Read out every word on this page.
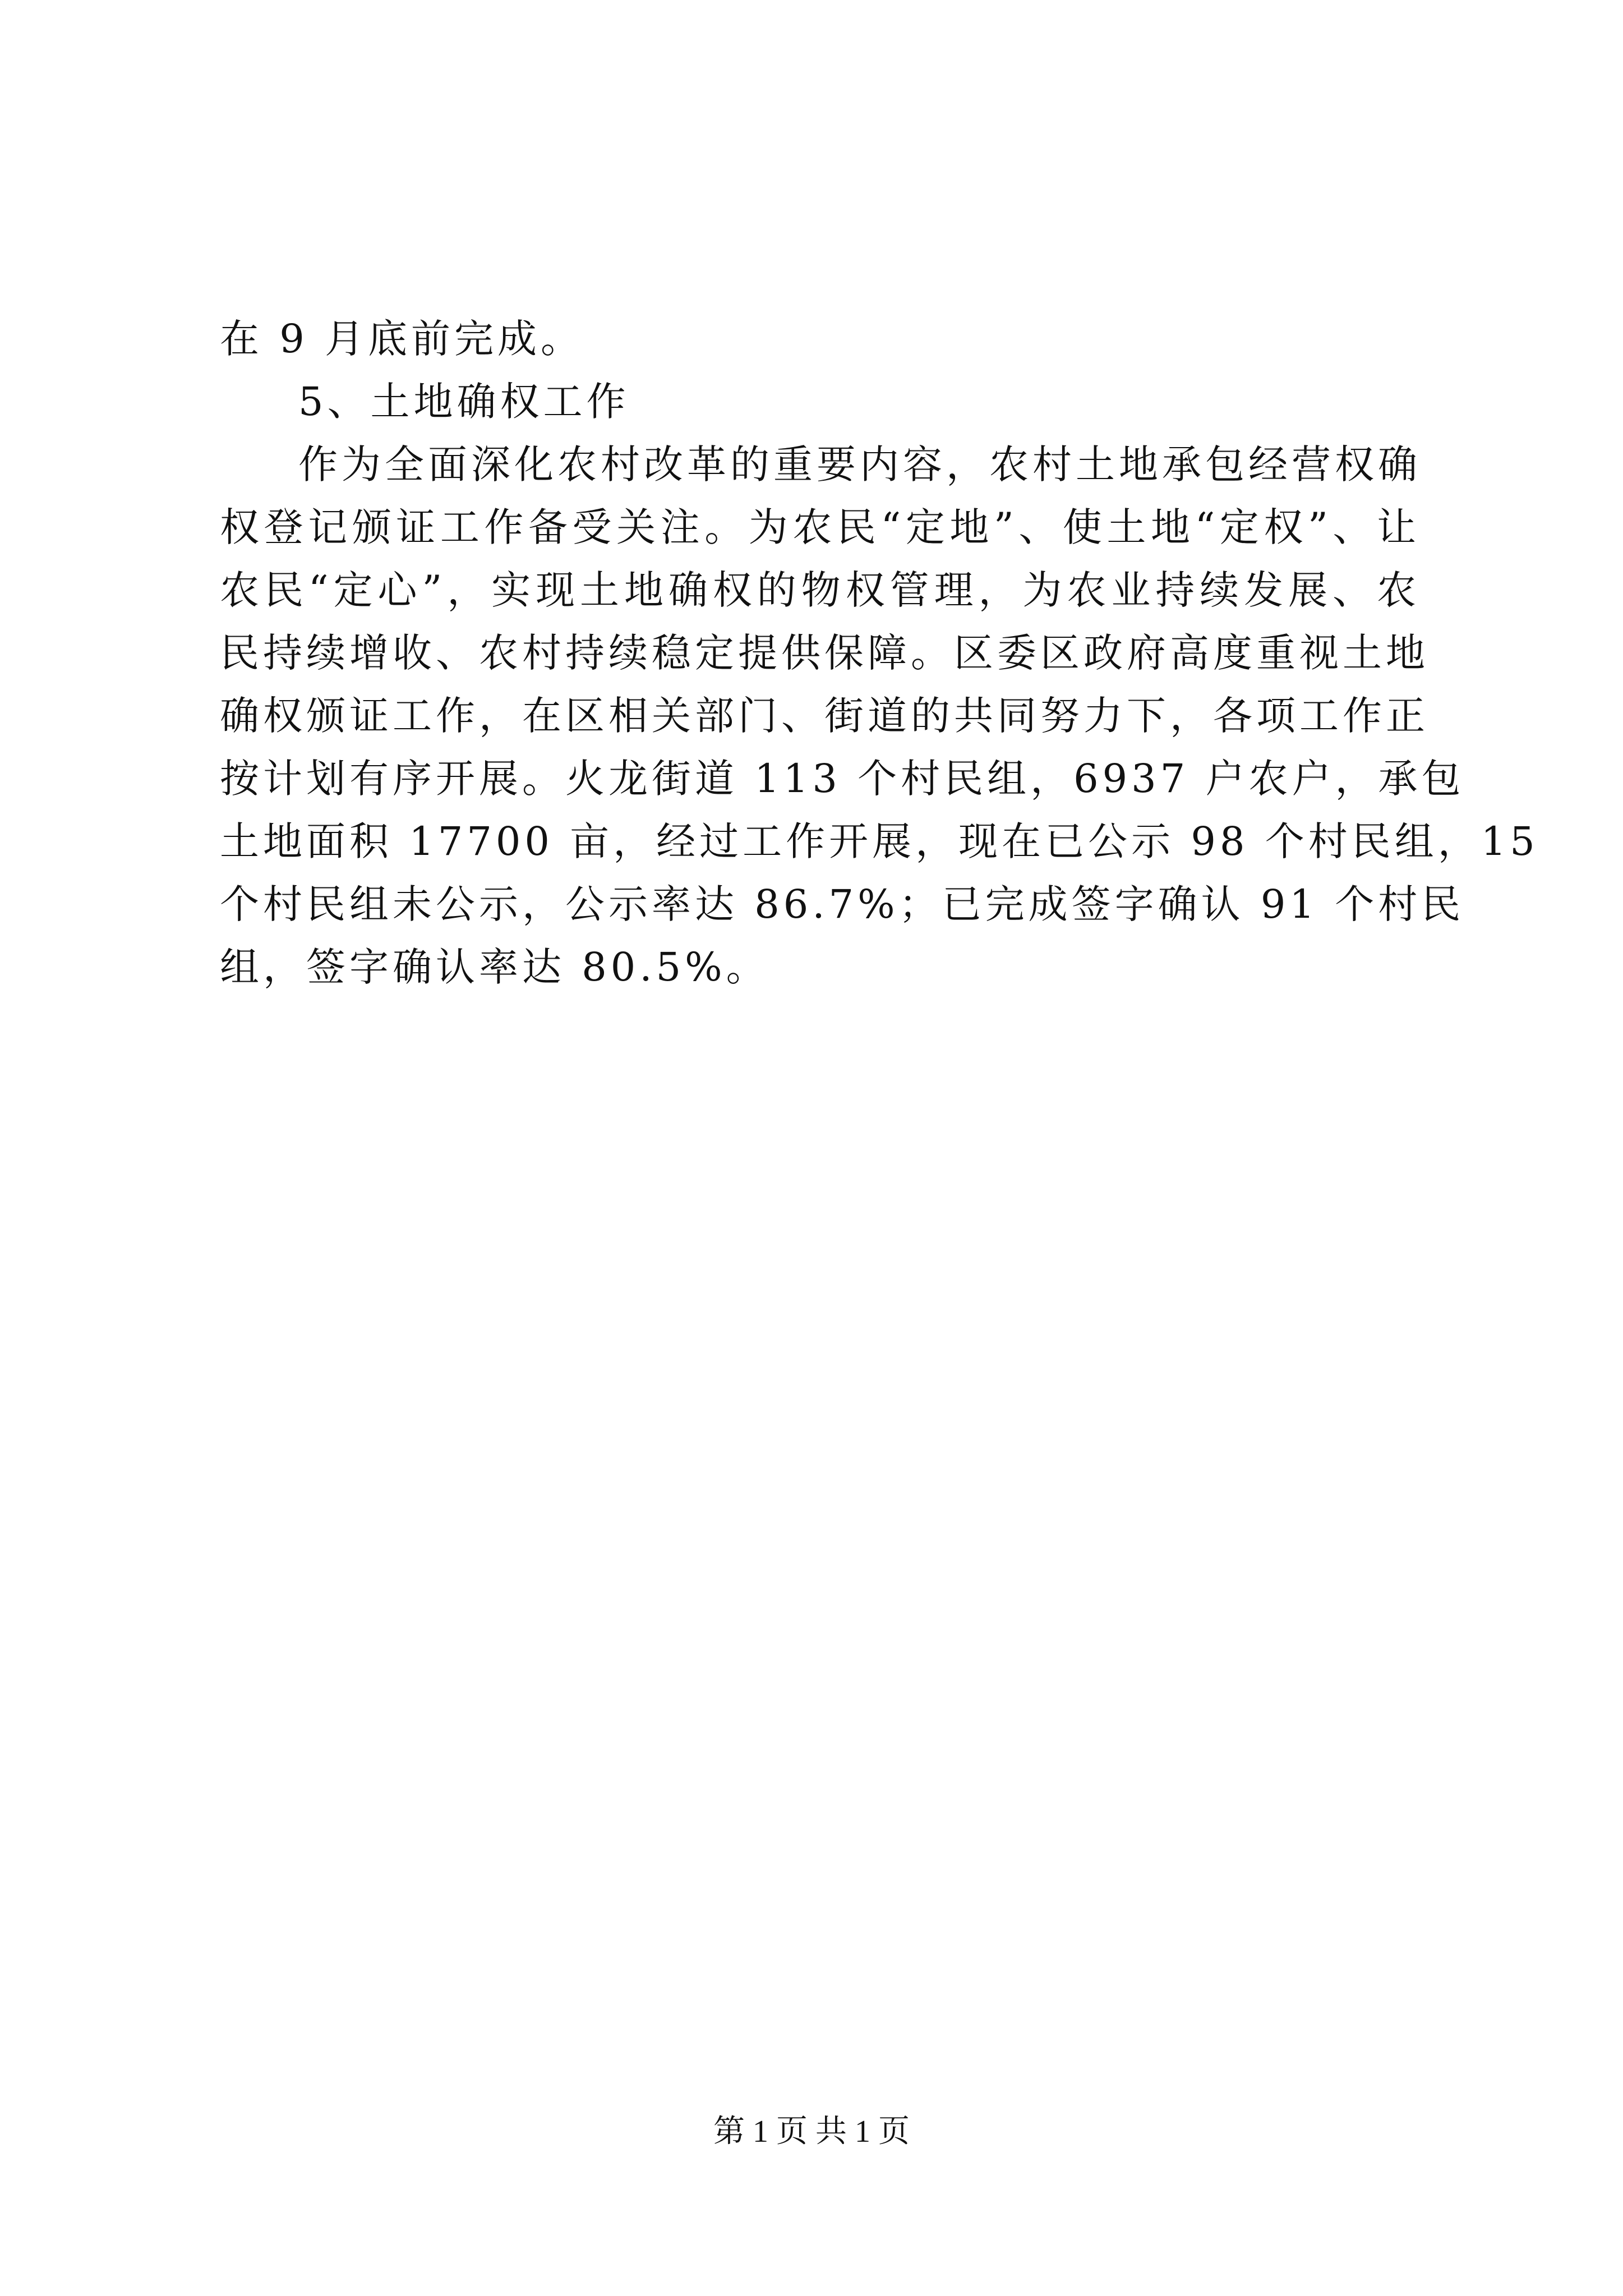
在 9 月底前完成。
5、土地确权工作
作为全面深化农村改革的重要内容，农村土地承包经营权确
权登记颁证工作备受关注。为农民“定地”、使土地“定权”、让
农民“定心”，实现土地确权的物权管理，为农业持续发展、农
民持续增收、农村持续稳定提供保障。区委区政府高度重视土地
确权颁证工作，在区相关部门、街道的共同努力下，各项工作正
按计划有序开展。火龙街道 113 个村民组，6937 户农户，承包
土地面积 17700 亩，经过工作开展，现在已公示 98 个村民组，15
个村民组未公示，公示率达 86.7%；已完成签字确认 91 个村民
组，签字确认率达 80.5%。
第 1 页 共 1 页
